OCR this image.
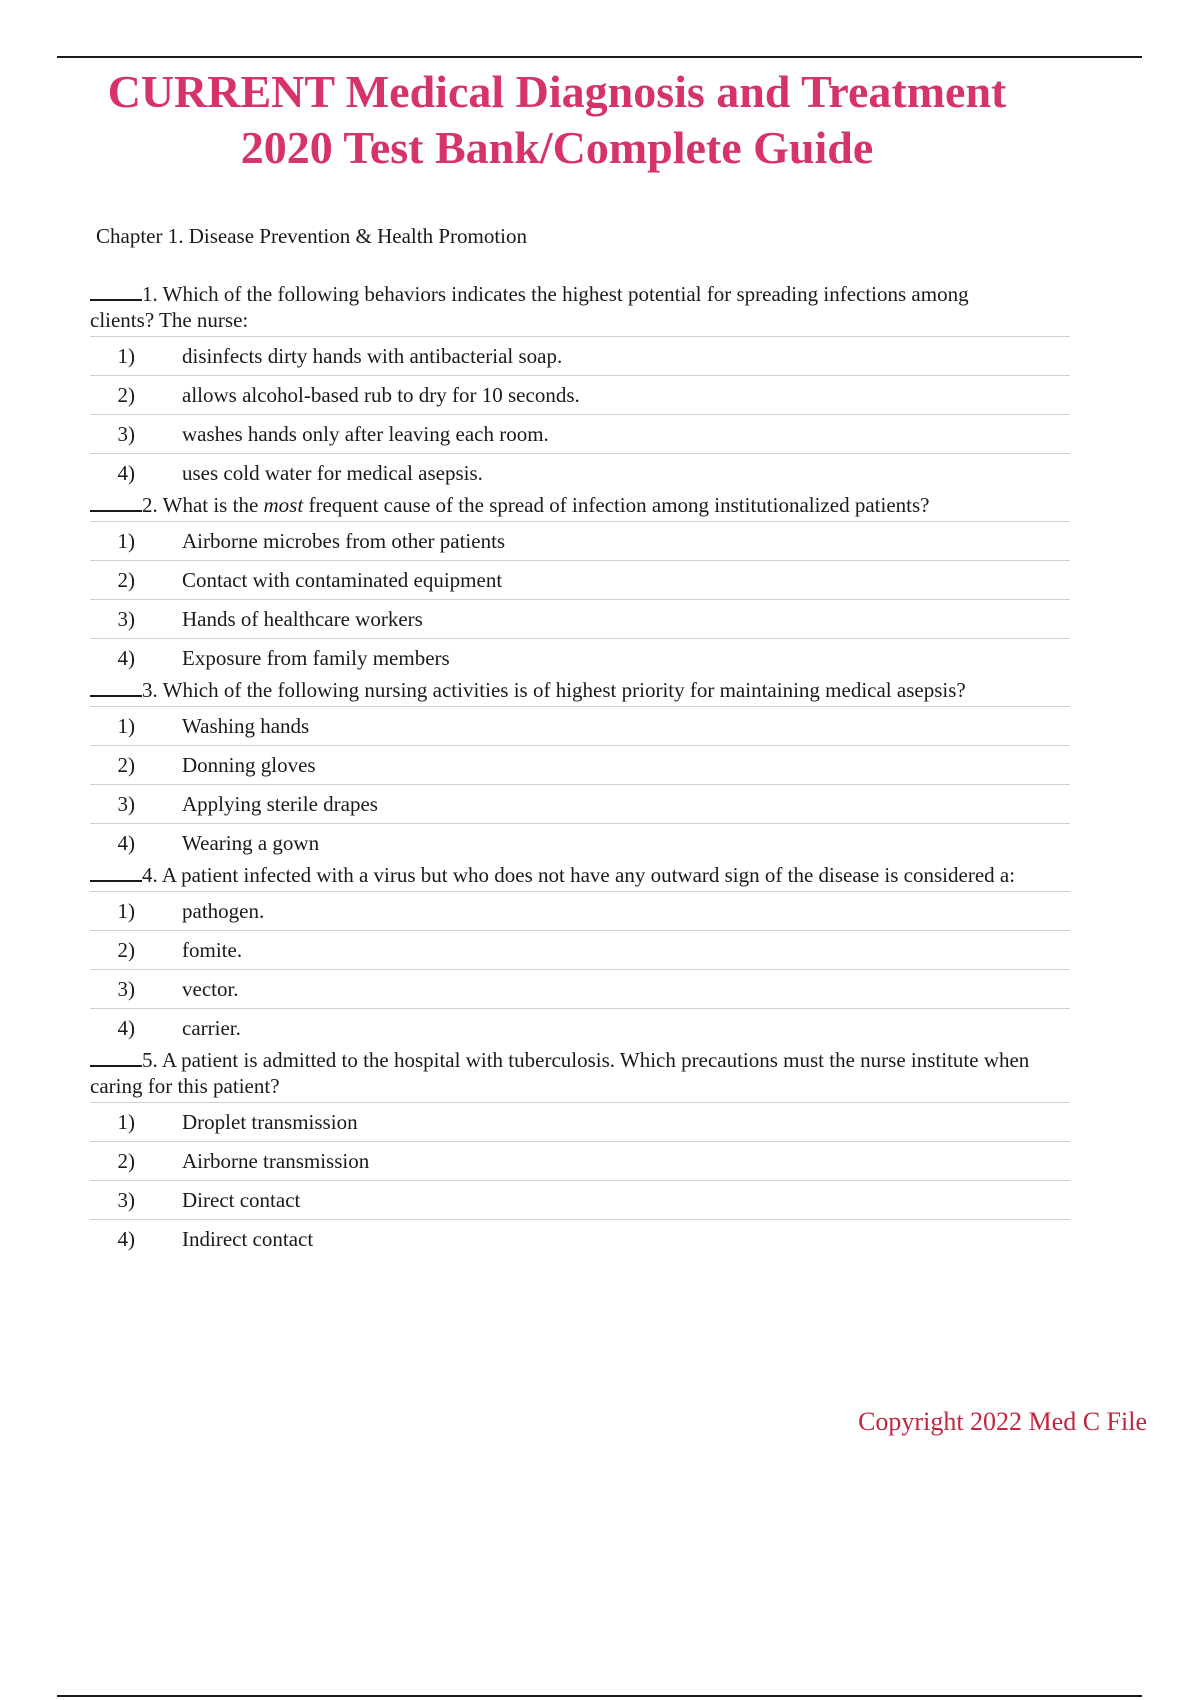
CURRENT Medical Diagnosis and Treatment
2020 Test Bank/Complete Guide

Chapter 1. Disease Prevention & Health Promotion

1. Which of the following behaviors indicates the highest potential for spreading infections among clients? The nurse:
1)	disinfects dirty hands with antibacterial soap.
2)	allows alcohol-based rub to dry for 10 seconds.
3)	washes hands only after leaving each room.
4)	uses cold water for medical asepsis.
2. What is the most frequent cause of the spread of infection among institutionalized patients?
1)	Airborne microbes from other patients
2)	Contact with contaminated equipment
3)	Hands of healthcare workers
4)	Exposure from family members
3. Which of the following nursing activities is of highest priority for maintaining medical asepsis?
1)	Washing hands
2)	Donning gloves
3)	Applying sterile drapes
4)	Wearing a gown
4. A patient infected with a virus but who does not have any outward sign of the disease is considered a:
1)	pathogen.
2)	fomite.
3)	vector.
4)	carrier.
5. A patient is admitted to the hospital with tuberculosis. Which precautions must the nurse institute when caring for this patient?
1)	Droplet transmission
2)	Airborne transmission
3)	Direct contact
4)	Indirect contact

Copyright 2022 Med C File
